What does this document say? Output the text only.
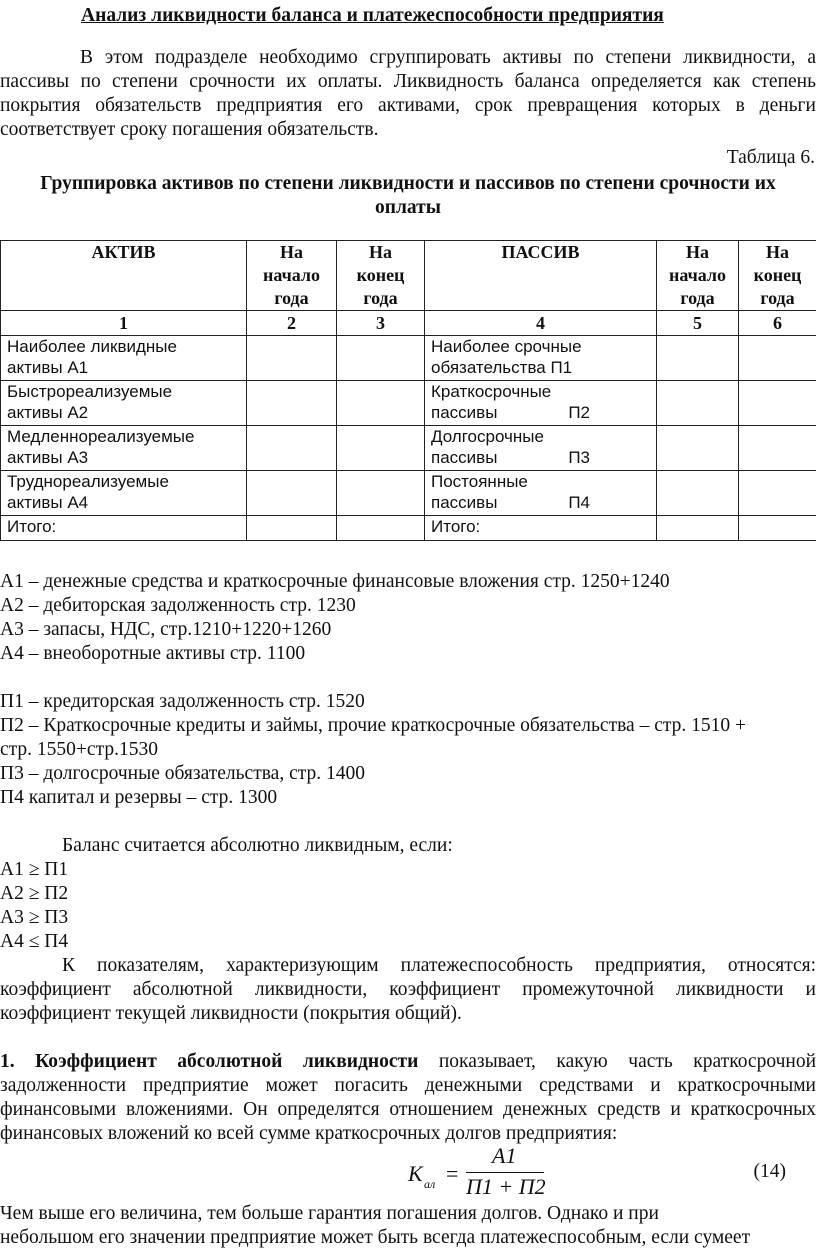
Анализ ликвидности баланса и платежеспособности предприятия

В этом подразделе необходимо сгруппировать активы по степени ликвидности, а пассивы по степени срочности их оплаты. Ликвидность баланса определяется как степень покрытия обязательств предприятия его активами, срок превращения которых в деньги соответствует сроку погашения обязательств.

Таблица 6.
Группировка активов по степени ликвидности и пассивов по степени срочности их
оплаты
АКТИВ	На начало года	На конец года	ПАССИВ	На начало года	На конец года
1	2	3	4	5	6

Наиболее ликвидные
активы А1			Наиболее срочные
обязательства П1		

Быстрореализуемые
активы А2			Краткосрочные
пассивы П2		

Медленнореализуемые
активы А3			Долгосрочные
пассивы П3		

Труднореализуемые
активы А4			Постоянные
пассивы П4		

Итого:			Итого:		
А1 – денежные средства и краткосрочные финансовые вложения стр. 1250+1240
А2 – дебиторская задолженность стр. 1230
А3 – запасы, НДС, стр.1210+1220+1260
А4 – внеоборотные активы стр. 1100
П1 – кредиторская задолженность стр. 1520
П2 – Краткосрочные кредиты и займы, прочие краткосрочные обязательства – стр. 1510 +
стр. 1550+стр.1530
П3 – долгосрочные обязательства, стр. 1400
П4 капитал и резервы – стр. 1300
Баланс считается абсолютно ликвидным, если:
А1 ≥ П1
А2 ≥ П2
А3 ≥ П3
А4 ≤ П4

К показателям, характеризующим платежеспособность предприятия, относятся: коэффициент абсолютной ликвидности, коэффициент промежуточной ликвидности и коэффициент текущей ликвидности (покрытия общий).

1. Коэффициент абсолютной ликвидности показывает, какую часть краткосрочной задолженности предприятие может погасить денежными средствами и краткосрочными финансовыми вложениями. Он определятся отношением денежных средств и краткосрочных финансовых вложений ко всей сумме краткосрочных долгов предприятия:

К ал =
А1
П1 + П2
(14)
Чем выше его величина, тем больше гарантия погашения долгов. Однако и при
небольшом его значении предприятие может быть всегда платежеспособным, если сумеет
